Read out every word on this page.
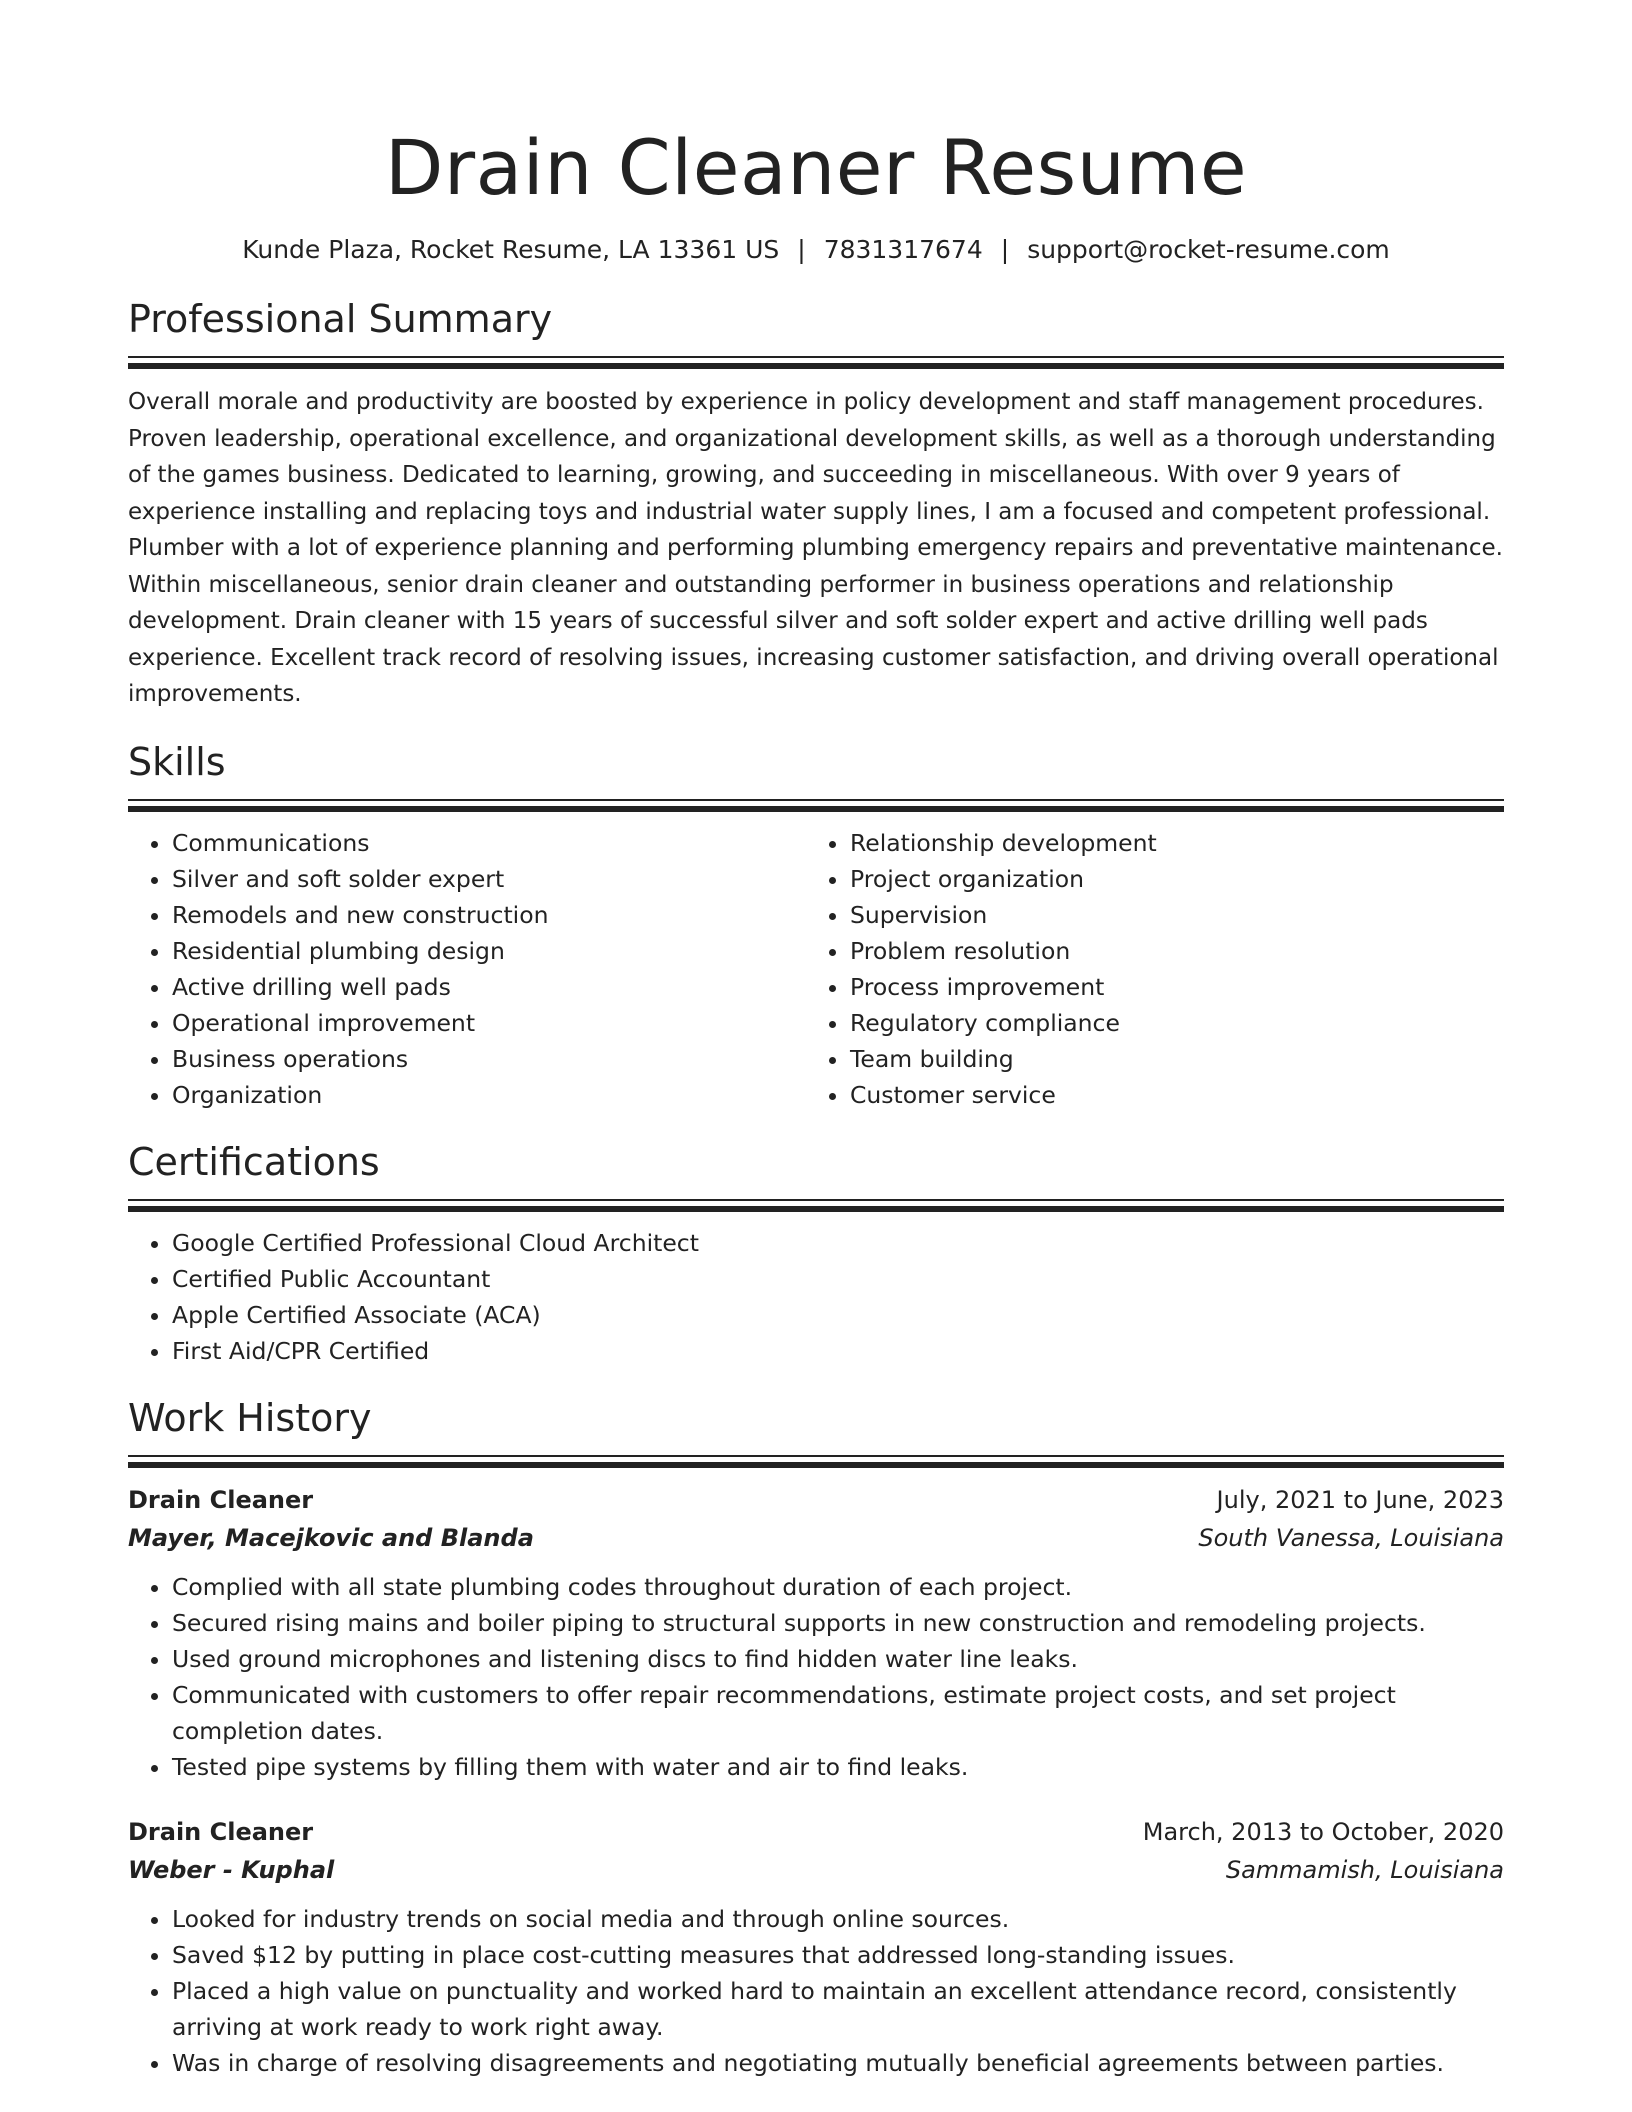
Drain Cleaner Resume
Kunde Plaza, Rocket Resume, LA 13361 US | 7831317674 | support@rocket-resume.com
Professional Summary

Overall morale and productivity are boosted by experience in policy development and staff management procedures. Proven leadership, operational excellence, and organizational development skills, as well as a thorough understanding of the games business. Dedicated to learning, growing, and succeeding in miscellaneous. With over 9 years of experience installing and replacing toys and industrial water supply lines, I am a focused and competent professional. Plumber with a lot of experience planning and performing plumbing emergency repairs and preventative maintenance. Within miscellaneous, senior drain cleaner and outstanding performer in business operations and relationship development. Drain cleaner with 15 years of successful silver and soft solder expert and active drilling well pads experience. Excellent track record of resolving issues, increasing customer satisfaction, and driving overall operational improvements.

Skills
• Communications
• Silver and soft solder expert
• Remodels and new construction
• Residential plumbing design
• Active drilling well pads
• Operational improvement
• Business operations
• Organization
• Relationship development
• Project organization
• Supervision
• Problem resolution
• Process improvement
• Regulatory compliance
• Team building
• Customer service
Certifications
• Google Certified Professional Cloud Architect
• Certified Public Accountant
• Apple Certified Associate (ACA)
• First Aid/CPR Certified
Work History
Drain Cleaner	July, 2021 to June, 2023
Mayer, Macejkovic and Blanda	South Vanessa, Louisiana
• Complied with all state plumbing codes throughout duration of each project.
• Secured rising mains and boiler piping to structural supports in new construction and remodeling projects.
• Used ground microphones and listening discs to find hidden water line leaks.
• Communicated with customers to offer repair recommendations, estimate project costs, and set project completion dates.
• Tested pipe systems by filling them with water and air to find leaks.
Drain Cleaner	March, 2013 to October, 2020
Weber - Kuphal	Sammamish, Louisiana
• Looked for industry trends on social media and through online sources.
• Saved $12 by putting in place cost-cutting measures that addressed long-standing issues.
• Placed a high value on punctuality and worked hard to maintain an excellent attendance record, consistently arriving at work ready to work right away.
• Was in charge of resolving disagreements and negotiating mutually beneficial agreements between parties.
